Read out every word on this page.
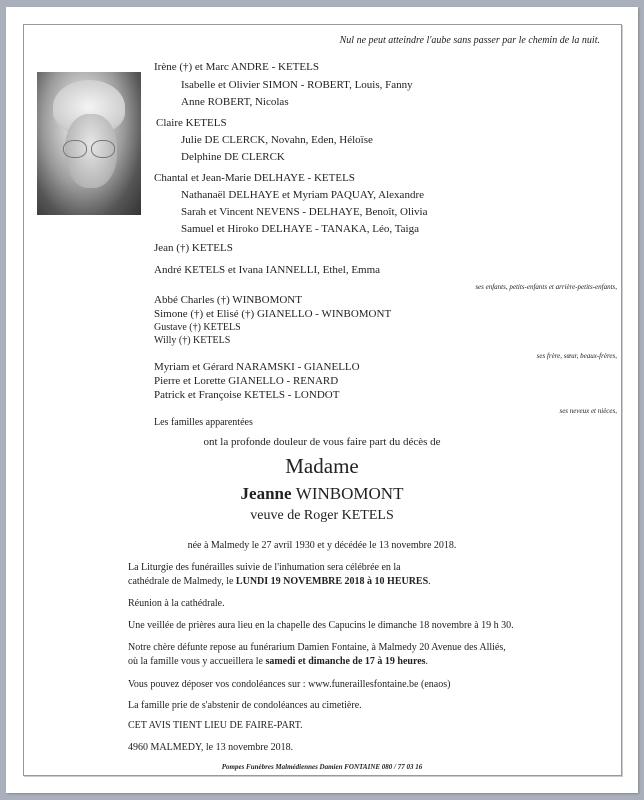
Nul ne peut atteindre l'aube sans passer par le chemin de la nuit.
Irène (†) et Marc ANDRE - KETELS
Isabelle et Olivier SIMON - ROBERT, Louis, Fanny
Anne ROBERT, Nicolas
Claire KETELS
Julie DE CLERCK, Novahn, Eden, Héloïse
Delphine DE CLERCK
Chantal et Jean-Marie DELHAYE - KETELS
Nathanaël DELHAYE et Myriam PAQUAY, Alexandre
Sarah et Vincent NEVENS - DELHAYE, Benoît, Olivia
Samuel et Hiroko DELHAYE - TANAKA, Léo, Taiga
Jean (†) KETELS
André KETELS et Ivana IANNELLI, Ethel, Emma
ses enfants, petits-enfants et arrière-petits-enfants,
Abbé Charles (†) WINBOMONT
Simone (†) et Elisé (†) GIANELLO - WINBOMONT
Gustave (†) KETELS
Willy (†) KETELS
ses frère, sœur, beaux-frères,
Myriam et Gérard NARAMSKI - GIANELLO
Pierre et Lorette GIANELLO - RENARD
Patrick et Françoise KETELS - LONDOT
ses neveux et nièces,
Les familles apparentées
ont la profonde douleur de vous faire part du décès de
Madame
Jeanne WINBOMONT
veuve de Roger KETELS
née à Malmedy le 27 avril 1930 et y décédée le 13 novembre 2018.
La Liturgie des funérailles suivie de l'inhumation sera célébrée en la
cathédrale de Malmedy, le LUNDI 19 NOVEMBRE 2018 à 10 HEURES.
Réunion à la cathédrale.
Une veillée de prières aura lieu en la chapelle des Capucins le dimanche 18 novembre à 19 h 30.
Notre chère défunte repose au funérarium Damien Fontaine, à Malmedy 20 Avenue des Alliés,
où la famille vous y accueillera le samedi et dimanche de 17 à 19 heures.
Vous pouvez déposer vos condoléances sur : www.funeraillesfontaine.be (enaos)
La famille prie de s'abstenir de condoléances au cimetière.
CET AVIS TIENT LIEU DE FAIRE-PART.
4960 MALMEDY, le 13 novembre 2018.
Pompes Funèbres Malmédiennes Damien FONTAINE 080 / 77 03 16
